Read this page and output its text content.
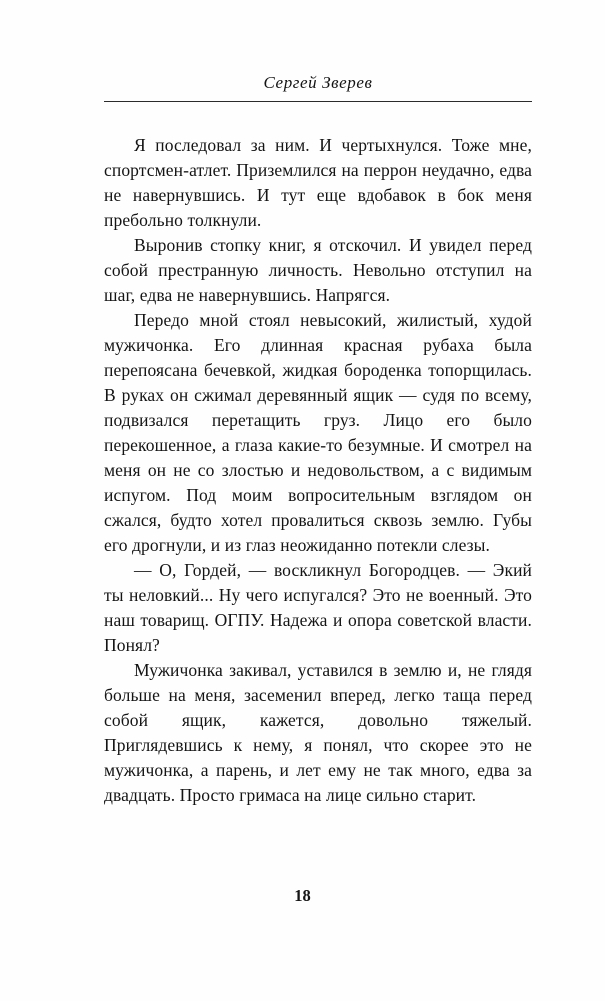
Сергей Зверев

Я последовал за ним. И чертыхнулся. Тоже мне, спортсмен-атлет. Приземлился на перрон неудачно, едва не навернувшись. И тут еще вдобавок в бок меня пребольно толкнули.

Выронив стопку книг, я отскочил. И увидел перед собой престранную личность. Невольно отступил на шаг, едва не навернувшись. Напрягся.

Передо мной стоял невысокий, жилистый, худой мужичонка. Его длинная красная рубаха была перепоясана бечевкой, жидкая бороденка топорщилась. В руках он сжимал деревянный ящик — судя по всему, подвизался перетащить груз. Лицо его было перекошенное, а глаза какие-то безумные. И смотрел на меня он не со злостью и недовольством, а с видимым испугом. Под моим вопросительным взглядом он сжался, будто хотел провалиться сквозь землю. Губы его дрогнули, и из глаз неожиданно потекли слезы.

— О, Гордей, — воскликнул Богородцев. — Экий ты неловкий... Ну чего испугался? Это не военный. Это наш товарищ. ОГПУ. Надежа и опора советской власти. Понял?

Мужичонка закивал, уставился в землю и, не глядя больше на меня, засеменил вперед, легко таща перед собой ящик, кажется, довольно тяжелый. Приглядевшись к нему, я понял, что скорее это не мужичонка, а парень, и лет ему не так много, едва за двадцать. Просто гримаса на лице сильно старит.

18
